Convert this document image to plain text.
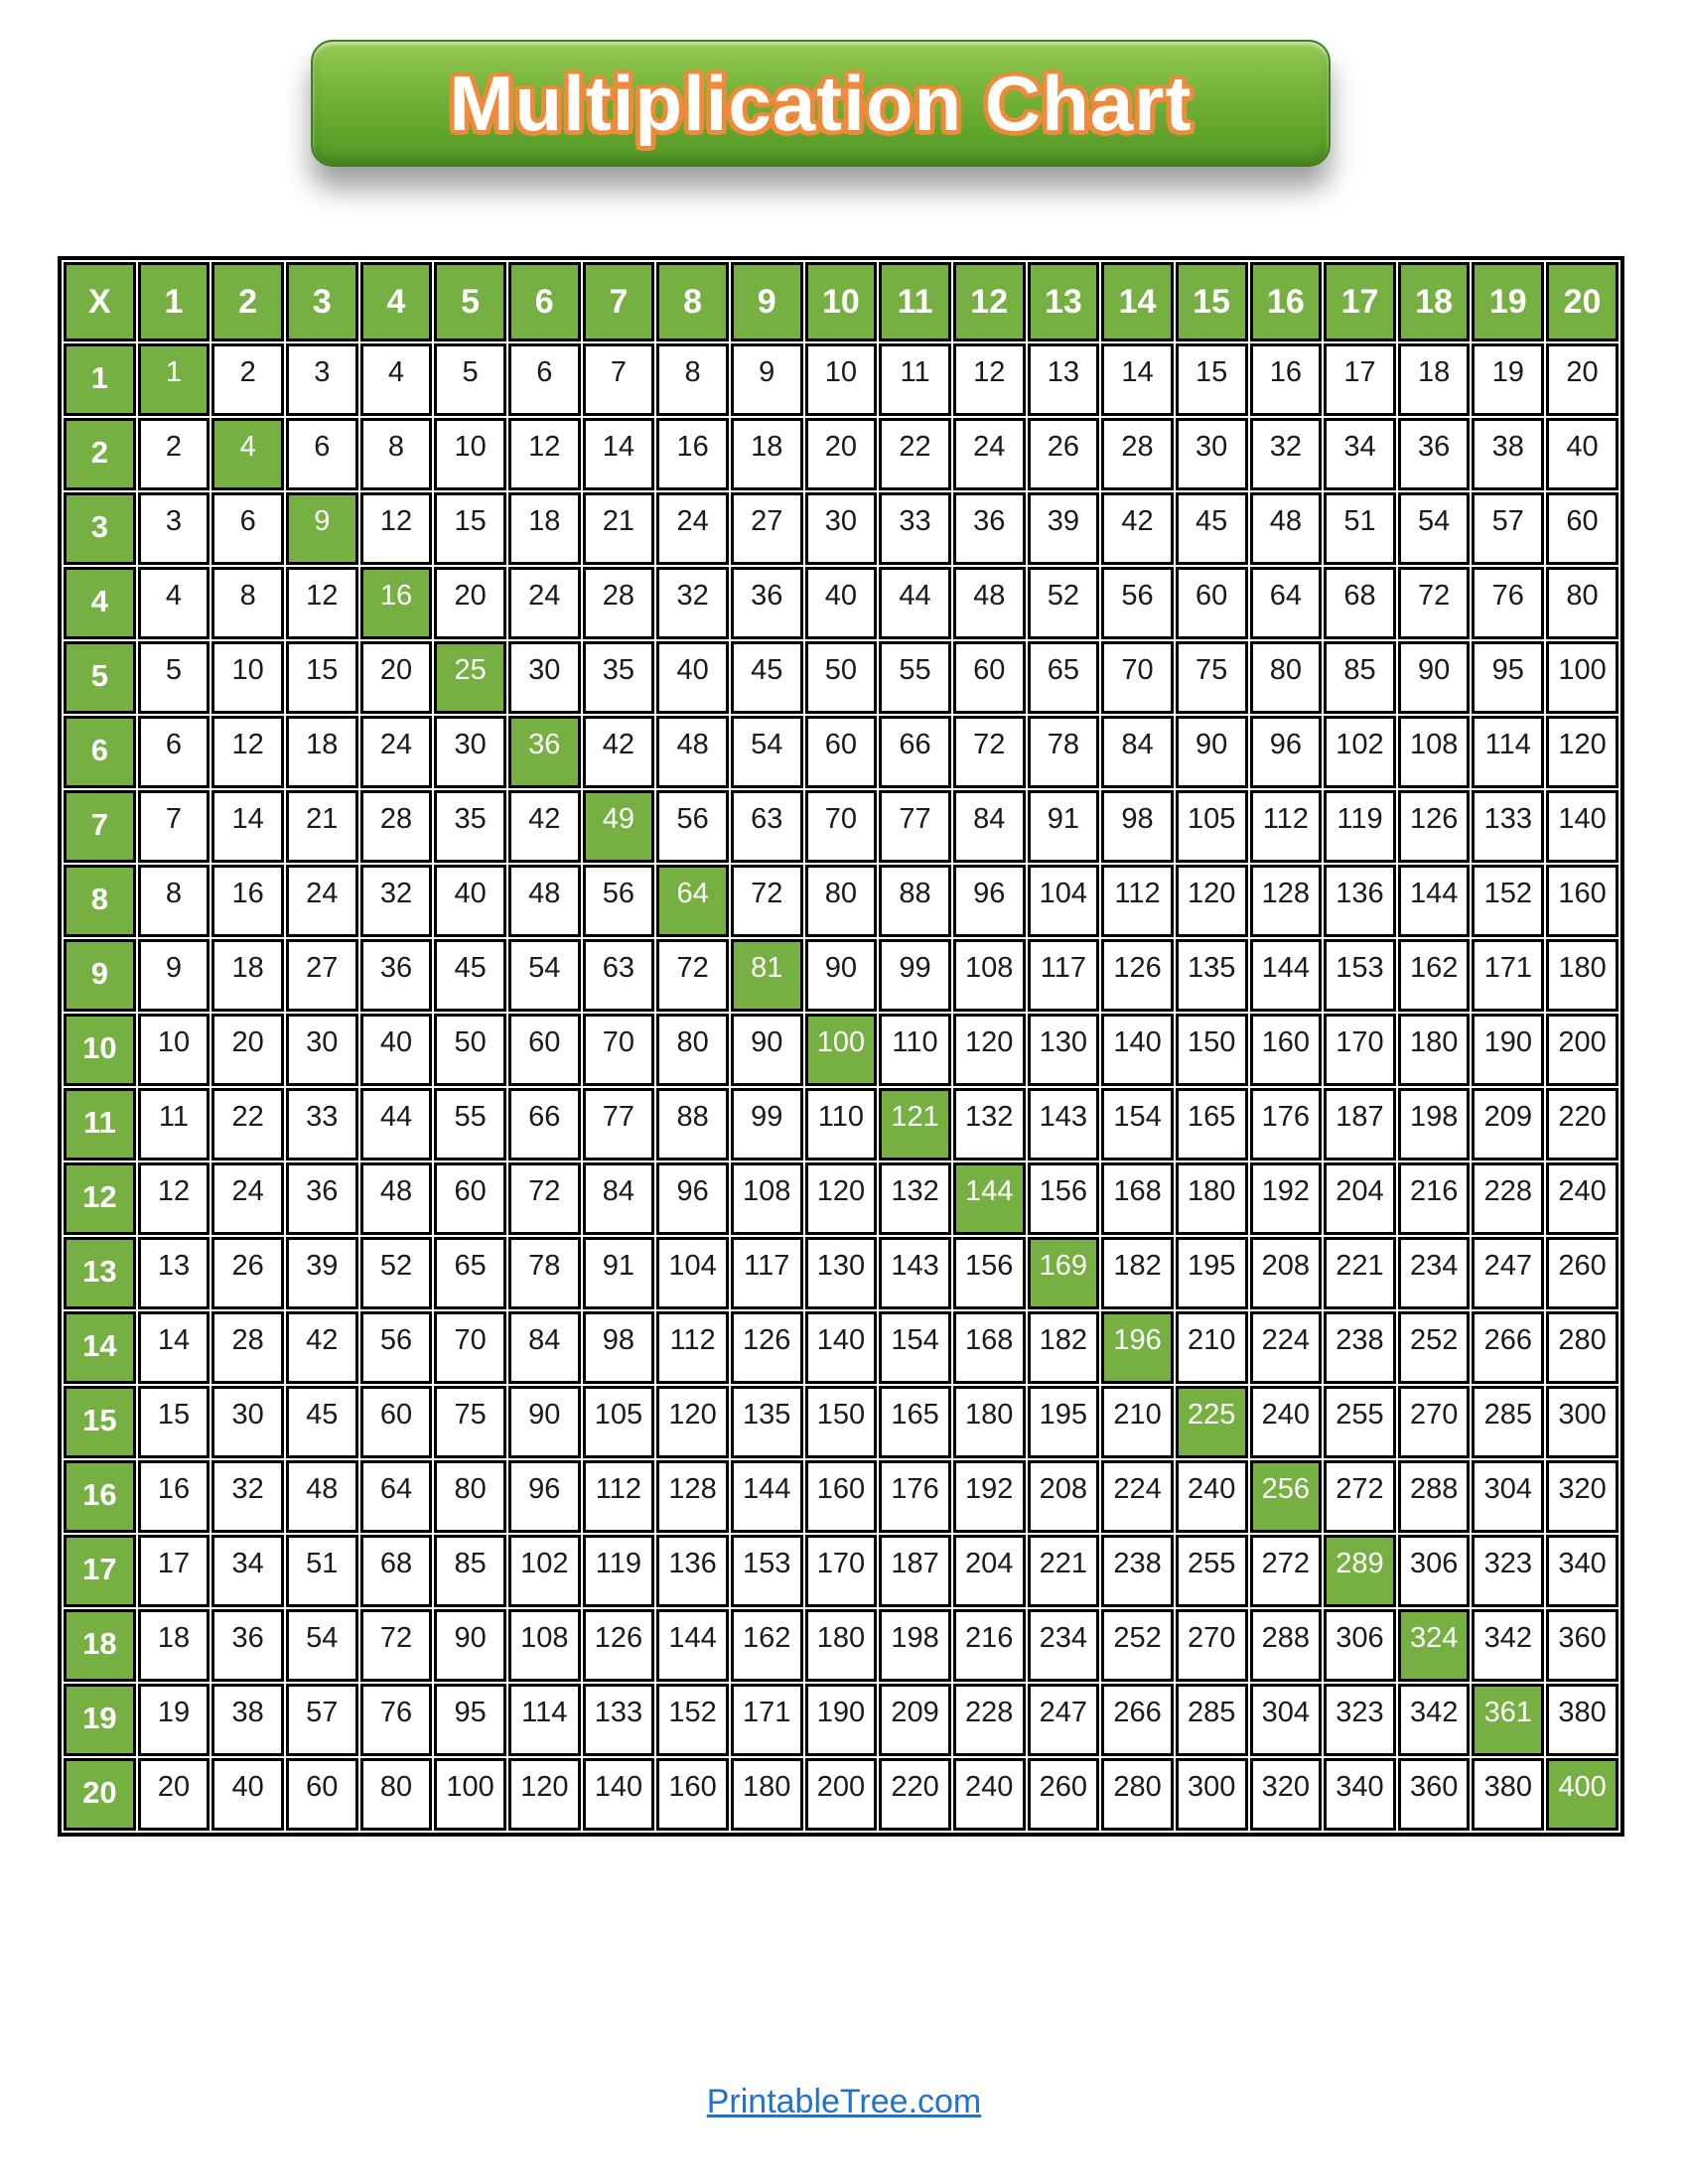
Multiplication Chart
X	1	2	3	4	5	6	7	8	9	10	11	12	13	14	15	16	17	18	19	20
1	1	2	3	4	5	6	7	8	9	10	11	12	13	14	15	16	17	18	19	20
2	2	4	6	8	10	12	14	16	18	20	22	24	26	28	30	32	34	36	38	40
3	3	6	9	12	15	18	21	24	27	30	33	36	39	42	45	48	51	54	57	60
4	4	8	12	16	20	24	28	32	36	40	44	48	52	56	60	64	68	72	76	80
5	5	10	15	20	25	30	35	40	45	50	55	60	65	70	75	80	85	90	95	100
6	6	12	18	24	30	36	42	48	54	60	66	72	78	84	90	96	102	108	114	120
7	7	14	21	28	35	42	49	56	63	70	77	84	91	98	105	112	119	126	133	140
8	8	16	24	32	40	48	56	64	72	80	88	96	104	112	120	128	136	144	152	160
9	9	18	27	36	45	54	63	72	81	90	99	108	117	126	135	144	153	162	171	180
10	10	20	30	40	50	60	70	80	90	100	110	120	130	140	150	160	170	180	190	200
11	11	22	33	44	55	66	77	88	99	110	121	132	143	154	165	176	187	198	209	220
12	12	24	36	48	60	72	84	96	108	120	132	144	156	168	180	192	204	216	228	240
13	13	26	39	52	65	78	91	104	117	130	143	156	169	182	195	208	221	234	247	260
14	14	28	42	56	70	84	98	112	126	140	154	168	182	196	210	224	238	252	266	280
15	15	30	45	60	75	90	105	120	135	150	165	180	195	210	225	240	255	270	285	300
16	16	32	48	64	80	96	112	128	144	160	176	192	208	224	240	256	272	288	304	320
17	17	34	51	68	85	102	119	136	153	170	187	204	221	238	255	272	289	306	323	340
18	18	36	54	72	90	108	126	144	162	180	198	216	234	252	270	288	306	324	342	360
19	19	38	57	76	95	114	133	152	171	190	209	228	247	266	285	304	323	342	361	380
20	20	40	60	80	100	120	140	160	180	200	220	240	260	280	300	320	340	360	380	400
PrintableTree.com
